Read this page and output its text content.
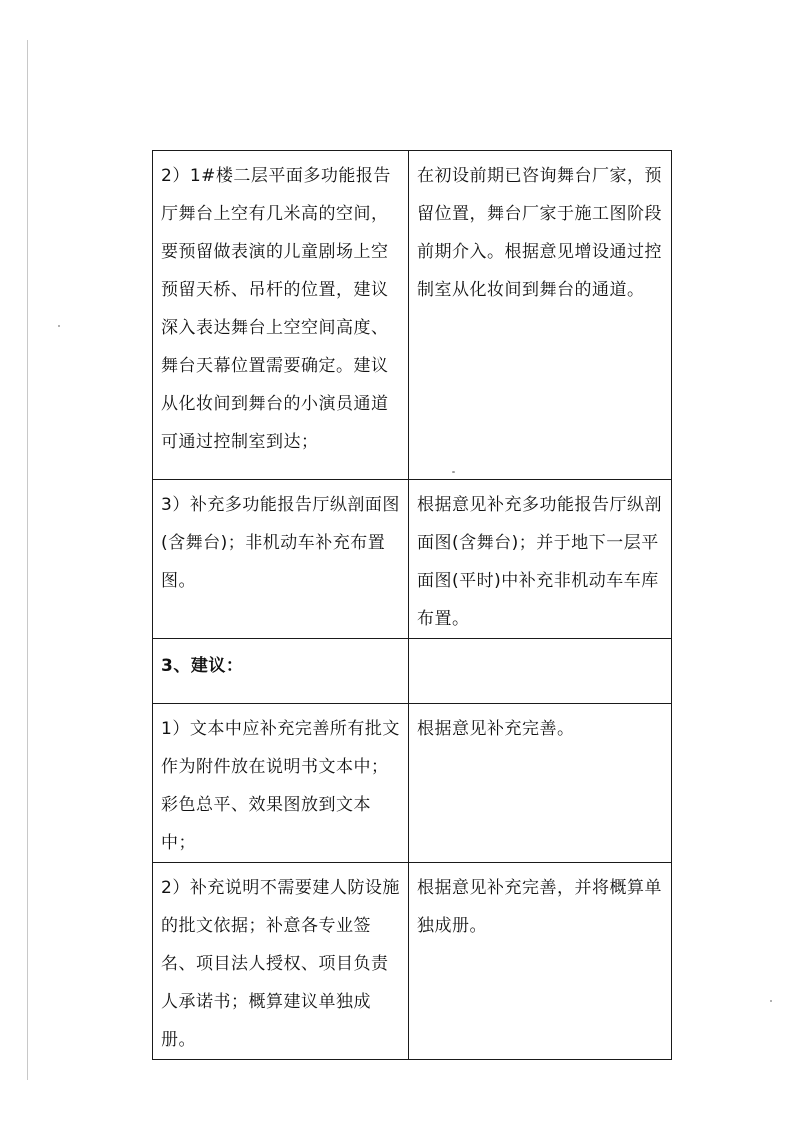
2）1#楼二层平面多功能报告厅舞台上空有几米高的空间，要预留做表演的儿童剧场上空预留天桥、吊杆的位置，建议深入表达舞台上空空间高度、舞台天幕位置需要确定。建议从化妆间到舞台的小演员通道可通过控制室到达；	在初设前期已咨询舞台厂家，预留位置，舞台厂家于施工图阶段前期介入。根据意见增设通过控制室从化妆间到舞台的通道。
3）补充多功能报告厅纵剖面图(含舞台)；非机动车补充布置图。	根据意见补充多功能报告厅纵剖面图(含舞台)；并于地下一层平面图(平时)中补充非机动车车库布置。
3、建议：	
1）文本中应补充完善所有批文作为附件放在说明书文本中；彩色总平、效果图放到文本中；	根据意见补充完善。
2）补充说明不需要建人防设施的批文依据；补意各专业签名、项目法人授权、项目负责人承诺书；概算建议单独成册。	根据意见补充完善，并将概算单独成册。
